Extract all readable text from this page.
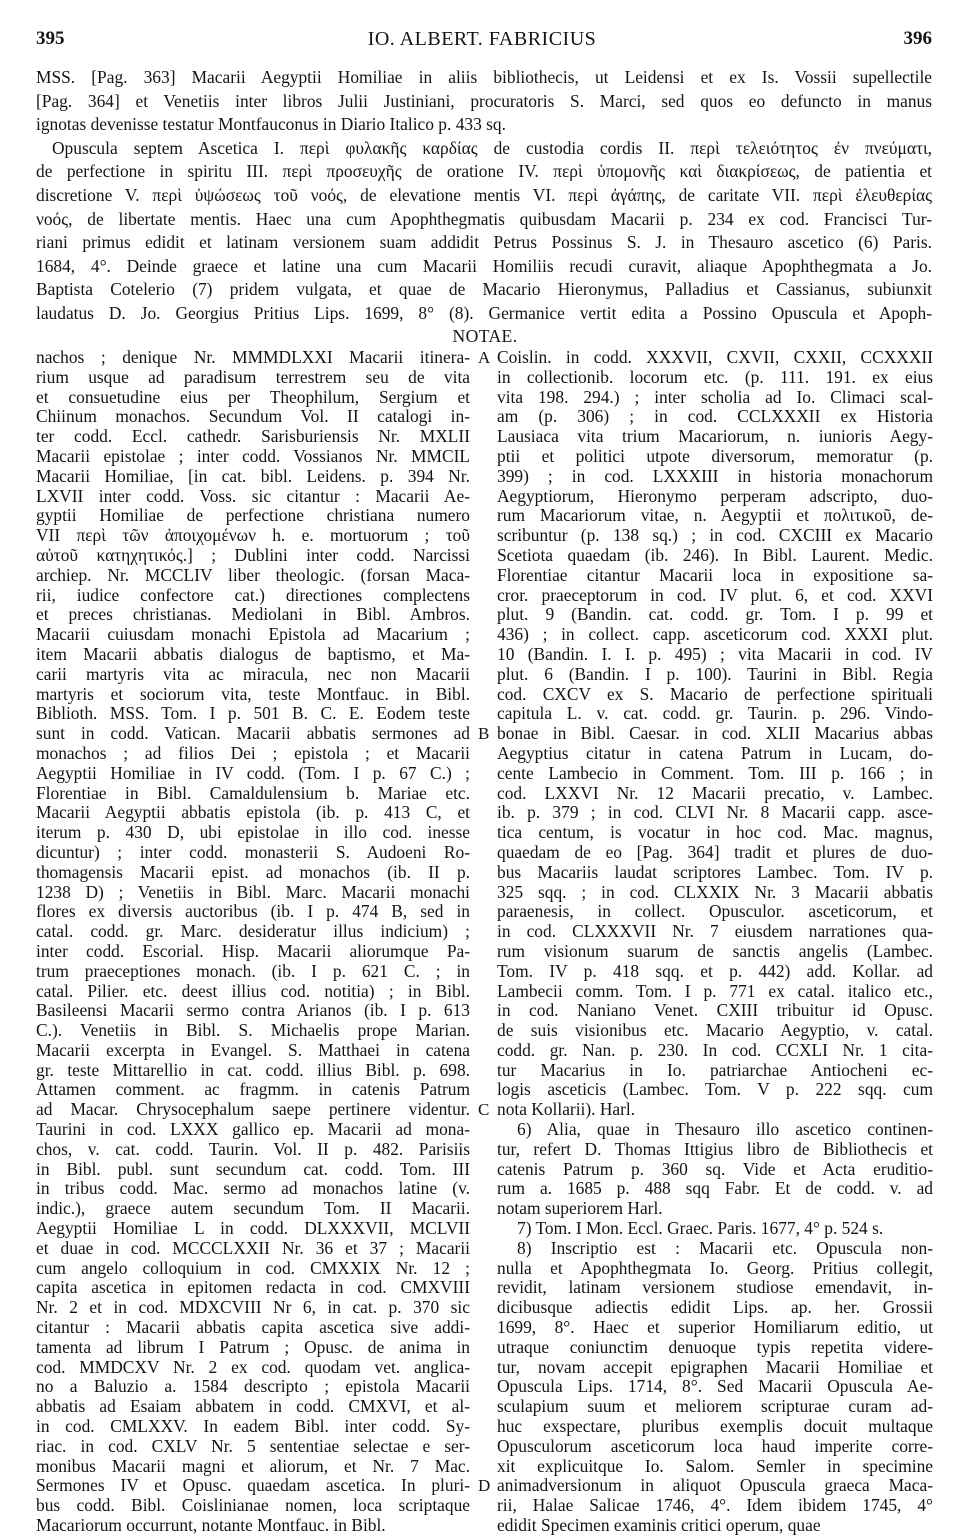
395	IO. ALBERT. FABRICIUS	396
MSS. [Pag. 363] Macarii Aegyptii Homiliae in aliis bibliothecis, ut Leidensi et ex Is. Vossii supellectile
[Pag. 364] et Venetiis inter libros Julii Justiniani, procuratoris S. Marci, sed quos eo defuncto in manus
ignotas devenisse testatur Montfauconus in Diario Italico p. 433 sq.
Opuscula septem Ascetica I. περὶ φυλακῆς καρδίας de custodia cordis II. περὶ τελειότητος ἐν πνεύματι,
de perfectione in spiritu III. περὶ προσευχῆς de oratione IV. περὶ ὑπομονῆς καὶ διακρίσεως, de patientia et
discretione V. περὶ ὑψώσεως τοῦ νοός, de elevatione mentis VI. περὶ ἀγάπης, de caritate VII. περὶ ἐλευθερίας
νοός, de libertate mentis. Haec una cum Apophthegmatis quibusdam Macarii p. 234 ex cod. Francisci Tur-
riani primus edidit et latinam versionem suam addidit Petrus Possinus S. J. in Thesauro ascetico (6) Paris.
1684, 4°. Deinde graece et latine una cum Macarii Homiliis recudi curavit, aliaque Apophthegmata a Jo.
Baptista Cotelerio (7) pridem vulgata, et quae de Macario Hieronymus, Palladius et Cassianus, subiunxit
laudatus D. Jo. Georgius Pritius Lips. 1699, 8° (8). Germanice vertit edita a Possino Opuscula et Apoph-
NOTAE.
nachos ; denique Nr. MMMDLXXI Macarii itinera-
rium usque ad paradisum terrestrem seu de vita
et consuetudine eius per Theophilum, Sergium et
Chiinum monachos. Secundum Vol. II catalogi in-
ter codd. Eccl. cathedr. Sarisburiensis Nr. MXLII
Macarii epistolae ; inter codd. Vossianos Nr. MMCIL
Macarii Homiliae, [in cat. bibl. Leidens. p. 394 Nr.
LXVII inter codd. Voss. sic citantur : Macarii Ae-
gyptii Homiliae de perfectione christiana numero
VII περὶ τῶν ἀποιχομένων h. e. mortuorum ; τοῦ
αὐτοῦ κατηχητικός.] ; Dublini inter codd. Narcissi
archiep. Nr. MCCLIV liber theologic. (forsan Maca-
rii, iudice confectore cat.) directiones complectens
et preces christianas. Mediolani in Bibl. Ambros.
Macarii cuiusdam monachi Epistola ad Macarium ;
item Macarii abbatis dialogus de baptismo, et Ma-
carii martyris vita ac miracula, nec non Macarii
martyris et sociorum vita, teste Montfauc. in Bibl.
Biblioth. MSS. Tom. I p. 501 B. C. E. Eodem teste
sunt in codd. Vatican. Macarii abbatis sermones ad
monachos ; ad filios Dei ; epistola ; et Macarii
Aegyptii Homiliae in IV codd. (Tom. I p. 67 C.) ;
Florentiae in Bibl. Camaldulensium b. Mariae etc.
Macarii Aegyptii abbatis epistola (ib. p. 413 C, et
iterum p. 430 D, ubi epistolae in illo cod. inesse
dicuntur) ; inter codd. monasterii S. Audoeni Ro-
thomagensis Macarii epist. ad monachos (ib. II p.
1238 D) ; Venetiis in Bibl. Marc. Macarii monachi
flores ex diversis auctoribus (ib. I p. 474 B, sed in
catal. codd. gr. Marc. desideratur illus indicium) ;
inter codd. Escorial. Hisp. Macarii aliorumque Pa-
trum praeceptiones monach. (ib. I p. 621 C. ; in
catal. Pilier. etc. deest illius cod. notitia) ; in Bibl.
Basileensi Macarii sermo contra Arianos (ib. I p. 613
C.). Venetiis in Bibl. S. Michaelis prope Marian.
Macarii excerpta in Evangel. S. Matthaei in catena
gr. teste Mittarellio in cat. codd. illius Bibl. p. 698.
Attamen comment. ac fragmm. in catenis Patrum
ad Macar. Chrysocephalum saepe pertinere videntur.
Taurini in cod. LXXX gallico ep. Macarii ad mona-
chos, v. cat. codd. Taurin. Vol. II p. 482. Parisiis
in Bibl. publ. sunt secundum cat. codd. Tom. III
in tribus codd. Mac. sermo ad monachos latine (v.
indic.), graece autem secundum Tom. II Macarii.
Aegyptii Homiliae L in codd. DLXXXVII, MCLVII
et duae in cod. MCCCLXXII Nr. 36 et 37 ; Macarii
cum angelo colloquium in cod. CMXXIX Nr. 12 ;
capita ascetica in epitomen redacta in cod. CMXVIII
Nr. 2 et in cod. MDXCVIII Nr 6, in cat. p. 370 sic
citantur : Macarii abbatis capita ascetica sive addi-
tamenta ad librum I Patrum ; Opusc. de anima in
cod. MMDCXV Nr. 2 ex cod. quodam vet. anglica-
no a Baluzio a. 1584 descripto ; epistola Macarii
abbatis ad Esaiam abbatem in codd. CMXVI, et al-
in cod. CMLXXV. In eadem Bibl. inter codd. Sy-
riac. in cod. CXLV Nr. 5 sententiae selectae e ser-
monibus Macarii magni et aliorum, et Nr. 7 Mac.
Sermones IV et Opusc. quaedam ascetica. In pluri-
bus codd. Bibl. Coislinianae nomen, loca scriptaque
Macariorum occurrunt, notante Montfauc. in Bibl.
Coislin. in codd. XXXVII, CXVII, CXXII, CCXXXII
in collectionib. locorum etc. (p. 111. 191. ex eius
vita 198. 294.) ; inter scholia ad Io. Climaci scal-
am (p. 306) ; in cod. CCLXXXII ex Historia
Lausiaca vita trium Macariorum, n. iunioris Aegy-
ptii et politici utpote diversorum, memoratur (p.
399) ; in cod. LXXXIII in historia monachorum
Aegyptiorum, Hieronymo perperam adscripto, duo-
rum Macariorum vitae, n. Aegyptii et πολιτικοῦ, de-
scribuntur (p. 138 sq.) ; in cod. CXCIII ex Macario
Scetiota quaedam (ib. 246). In Bibl. Laurent. Medic.
Florentiae citantur Macarii loca in expositione sa-
cror. praeceptorum in cod. IV plut. 6, et cod. XXVI
plut. 9 (Bandin. cat. codd. gr. Tom. I p. 99 et
436) ; in collect. capp. asceticorum cod. XXXI plut.
10 (Bandin. I. I. p. 495) ; vita Macarii in cod. IV
plut. 6 (Bandin. I p. 100). Taurini in Bibl. Regia
cod. CXCV ex S. Macario de perfectione spirituali
capitula L. v. cat. codd. gr. Taurin. p. 296. Vindo-
bonae in Bibl. Caesar. in cod. XLII Macarius abbas
Aegyptius citatur in catena Patrum in Lucam, do-
cente Lambecio in Comment. Tom. III p. 166 ; in
cod. LXXVI Nr. 12 Macarii precatio, v. Lambec.
ib. p. 379 ; in cod. CLVI Nr. 8 Macarii capp. asce-
tica centum, is vocatur in hoc cod. Mac. magnus,
quaedam de eo [Pag. 364] tradit et plures de duo-
bus Macariis laudat scriptores Lambec. Tom. IV p.
325 sqq. ; in cod. CLXXIX Nr. 3 Macarii abbatis
paraenesis, in collect. Opusculor. asceticorum, et
in cod. CLXXXVII Nr. 7 eiusdem narrationes qua-
rum visionum suarum de sanctis angelis (Lambec.
Tom. IV p. 418 sqq. et p. 442) add. Kollar. ad
Lambecii comm. Tom. I p. 771 ex catal. italico etc.,
in cod. Naniano Venet. CXIII tribuitur id Opusc.
de suis visionibus etc. Macario Aegyptio, v. catal.
codd. gr. Nan. p. 230. In cod. CCXLI Nr. 1 cita-
tur Macarius in Io. patriarchae Antiocheni ec-
logis asceticis (Lambec. Tom. V p. 222 sqq. cum
nota Kollarii). Harl.
6) Alia, quae in Thesauro illo ascetico continen-
tur, refert D. Thomas Ittigius libro de Bibliothecis et
catenis Patrum p. 360 sq. Vide et Acta eruditio-
rum a. 1685 p. 488 sqq Fabr. Et de codd. v. ad
notam superiorem Harl.
7) Tom. I Mon. Eccl. Graec. Paris. 1677, 4° p. 524 s.
8) Inscriptio est : Macarii etc. Opuscula non-
nulla et Apophthegmata Io. Georg. Pritius collegit,
revidit, latinam versionem studiose emendavit, in-
dicibusque adiectis edidit Lips. ap. her. Grossii
1699, 8°. Haec et superior Homiliarum editio, ut
utraque coniunctim denuoque typis repetita videre-
tur, novam accepit epigraphen Macarii Homiliae et
Opuscula Lips. 1714, 8°. Sed Macarii Opuscula Ae-
sculapium suum et meliorem scripturae curam ad-
huc exspectare, pluribus exemplis docuit multaque
Opusculorum asceticorum loca haud imperite corre-
xit explicuitque Io. Salom. Semler in specimine
animadversionum in aliquot Opuscula graeca Maca-
rii, Halae Salicae 1746, 4°. Idem ibidem 1745, 4°
edidit Specimen examinis critici operum, quae
A
B
C
D
